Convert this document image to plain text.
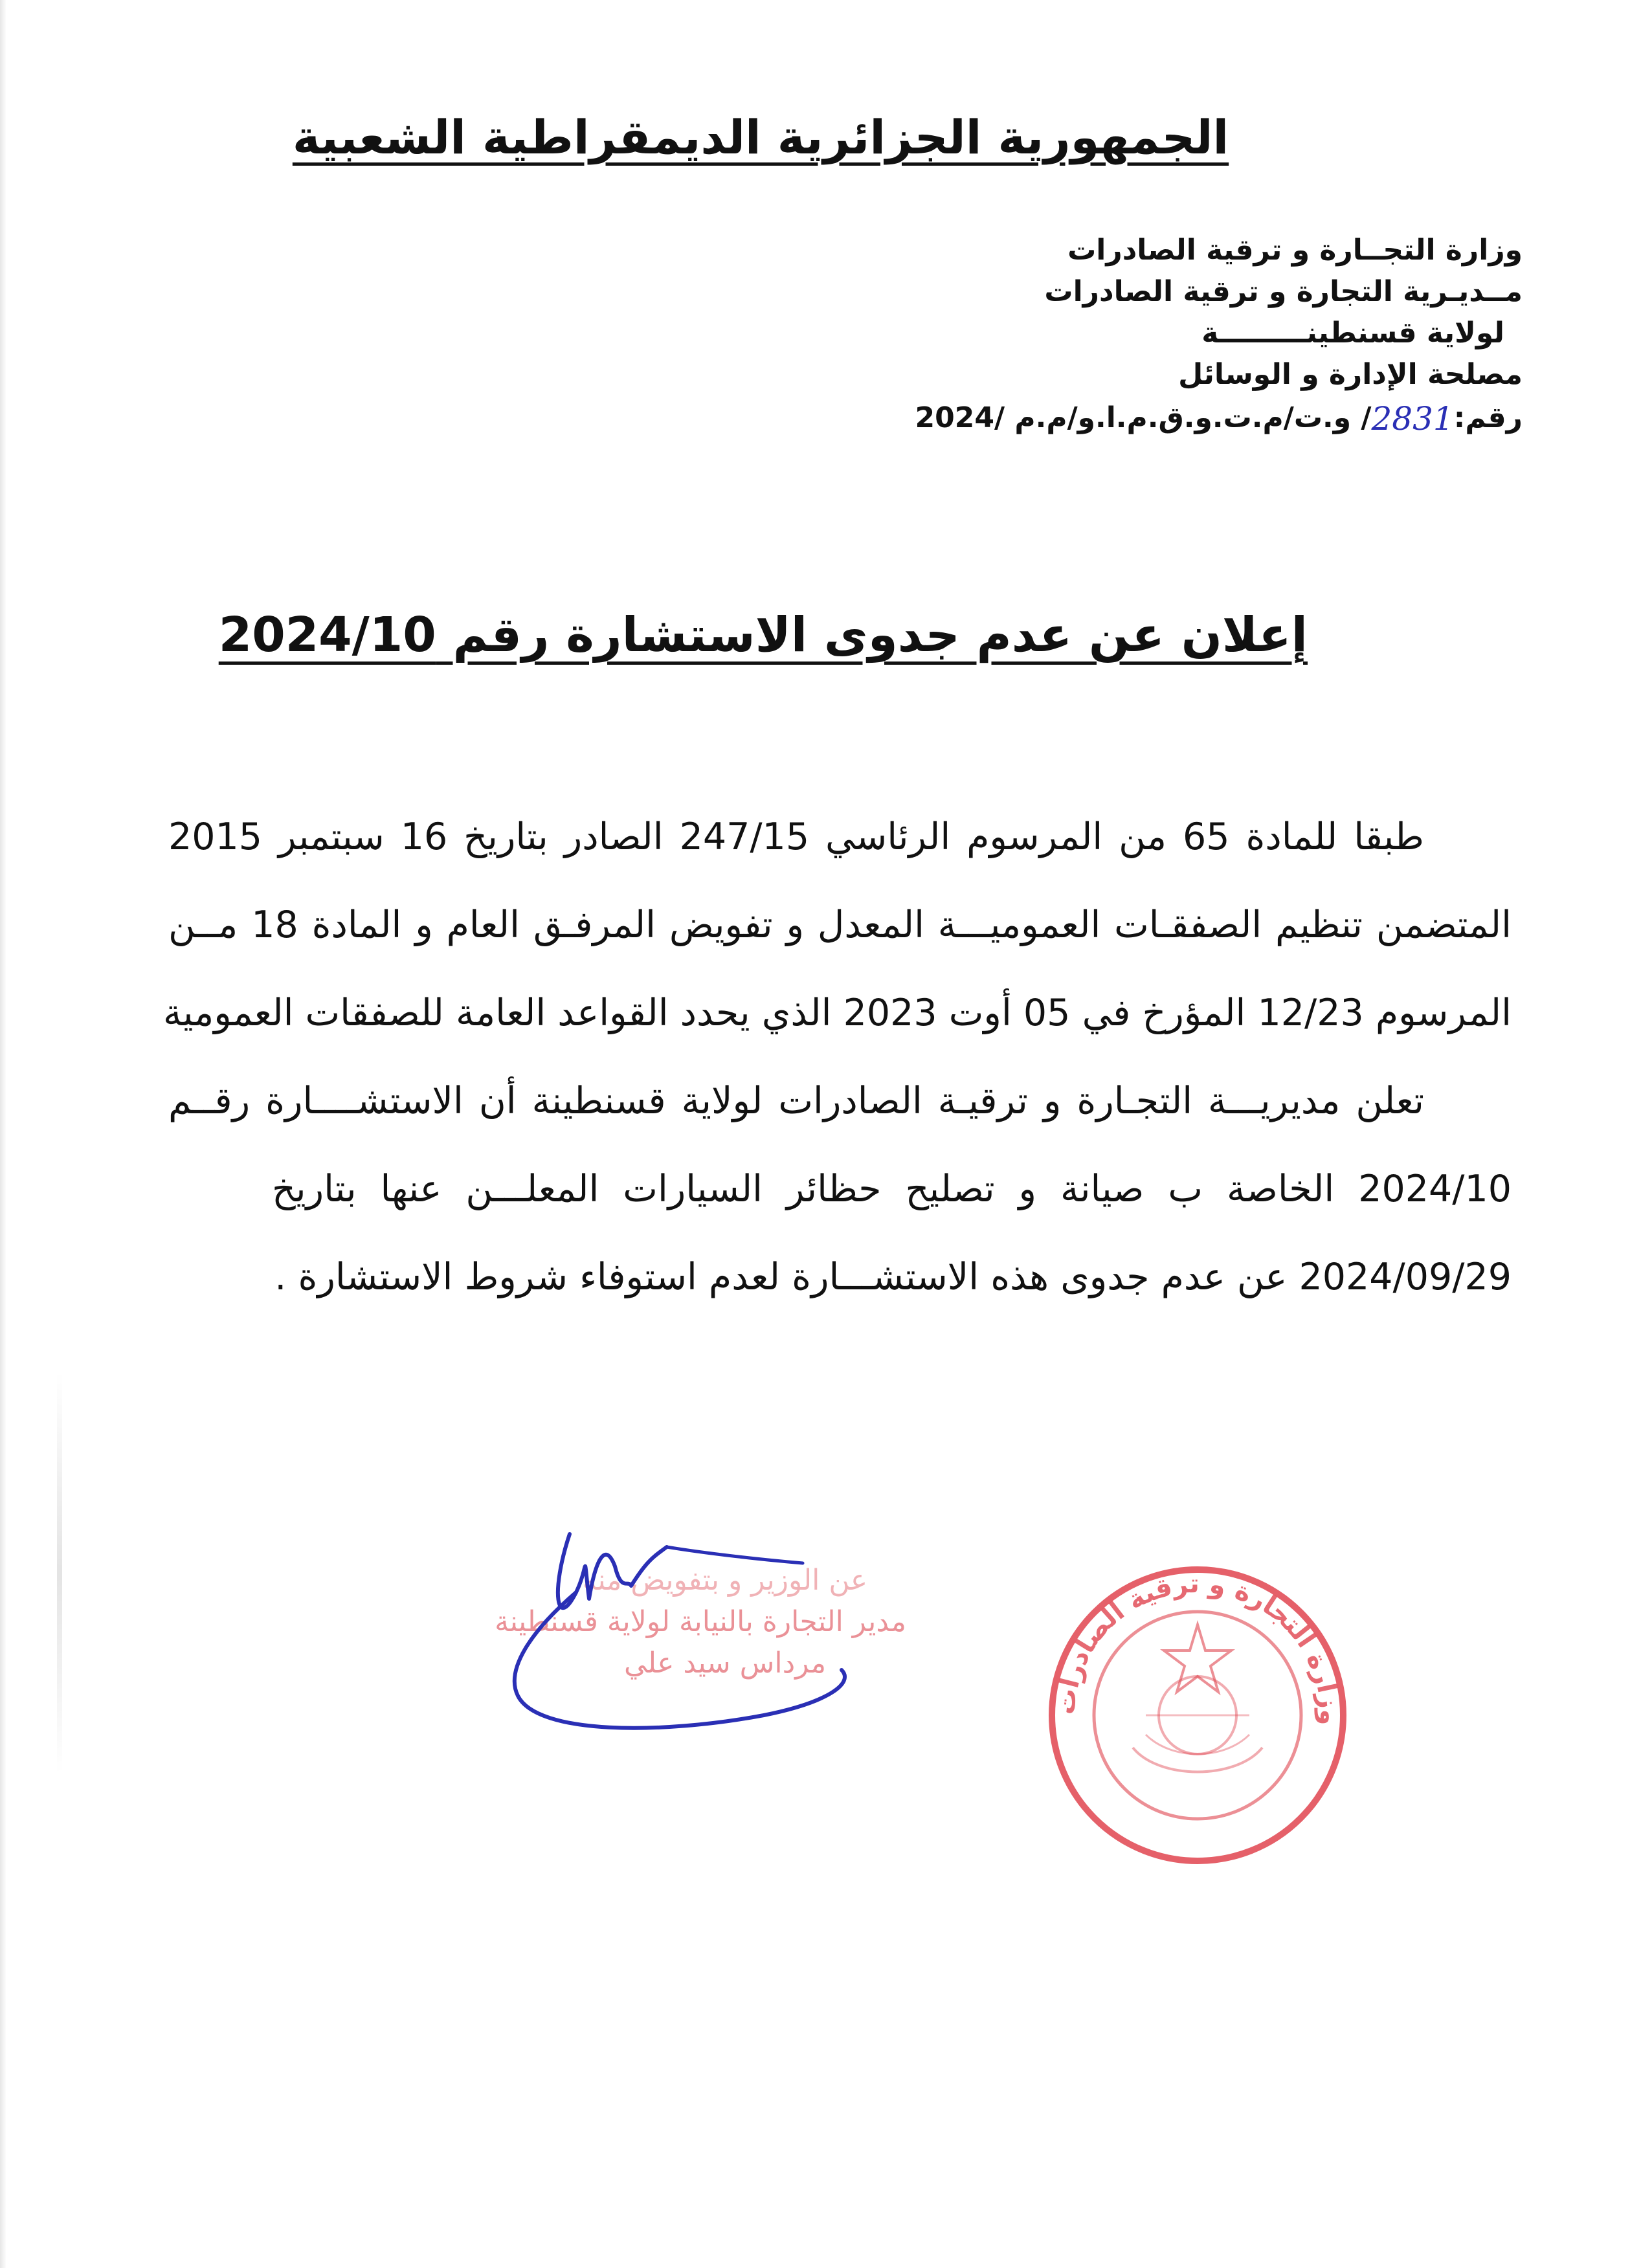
الجمهورية الجزائرية الديمقراطية الشعبية
وزارة التجــارة و ترقية الصادرات
مــديـرية التجارة و ترقية الصادرات
لولاية قسنطينـــــــــة
مصلحة الإدارة و الوسائل
رقم:2831/ و.ت/م.ت.و.ق.م.ا.و/م.م /2024
إعلان عن عدم جدوى الاستشارة رقم 2024/10
طبقا للمادة 65 من المرسوم الرئاسي 247/15 الصادر بتاريخ 16 سبتمبر 2015
المتضمن تنظيم الصفقـات العموميـــة المعدل و تفويض المرفـق العام و المادة 18 مــن
المرسوم 12/23 المؤرخ في 05 أوت 2023 الذي يحدد القواعد العامة للصفقات العمومية
تعلن مديريـــة التجـارة و ترقيـة الصادرات لولاية قسنطينة أن الاستشــــارة رقــم
2024/10 الخاصة ب صيانة و تصليح حظائر السيارات المعلـــن عنها بتاريخ
2024/09/29 عن عدم جدوى هذه الاستشـــارة لعدم استوفاء شروط الاستشارة .
عن الوزير و بتفويض منه
مدير التجارة بالنيابة لولاية قسنطينة
مرداس سيد علي
وزارة التجارة و ترقية الصادرات
